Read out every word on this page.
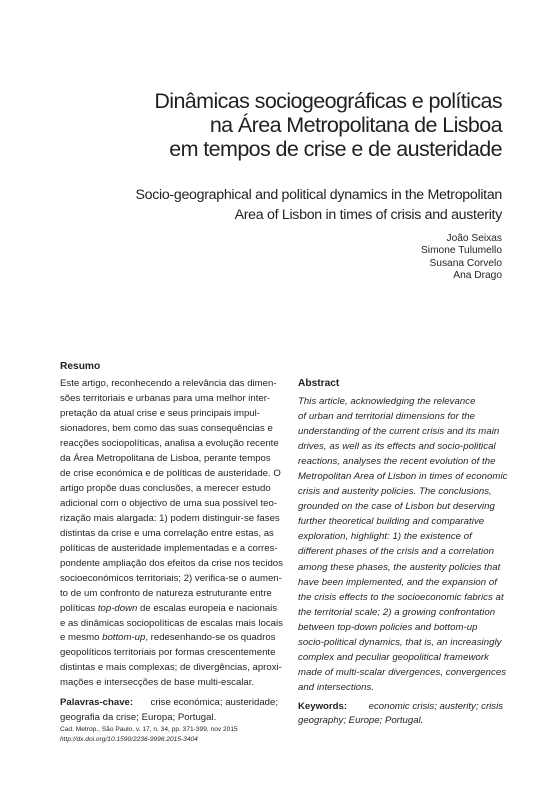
Dinâmicas sociogeográficas e políticas
na Área Metropolitana de Lisboa
em tempos de crise e de austeridade
Socio-geographical and political dynamics in the Metropolitan
Area of Lisbon in times of crisis and austerity
João Seixas
Simone Tulumello
Susana Corvelo
Ana Drago
Resumo
Este artigo, reconhecendo a relevância das dimen-
sões territoriais e urbanas para uma melhor inter-
pretação da atual crise e seus principais impul-
sionadores, bem como das suas consequências e
reacções sociopolíticas, analisa a evolução recente
da Área Metropolitana de Lisboa, perante tempos
de crise económica e de políticas de austeridade. O
artigo propõe duas conclusões, a merecer estudo
adicional com o objectivo de uma sua possível teo-
rização mais alargada: 1) podem distinguir-se fases
distintas da crise e uma correlação entre estas, as
políticas de austeridade implementadas e a corres-
pondente ampliação dos efeitos da crise nos tecidos
socioeconómicos territoriais; 2) verifica-se o aumen-
to de um confronto de natureza estruturante entre
políticas top-down de escalas europeia e nacionais
e as dinâmicas sociopolíticas de escalas mais locais
e mesmo bottom-up, redesenhando-se os quadros
geopolíticos territoriais por formas crescentemente
distintas e mais complexas; de divergências, aproxi-
mações e intersecções de base multi-escalar.
Palavras-chave: crise económica; austeridade;
geografia da crise; Europa; Portugal.
Abstract
This article, acknowledging the relevance
of urban and territorial dimensions for the
understanding of the current crisis and its main
drives, as well as its effects and socio-political
reactions, analyses the recent evolution of the
Metropolitan Area of Lisbon in times of economic
crisis and austerity policies. The conclusions,
grounded on the case of Lisbon but deserving
further theoretical building and comparative
exploration, highlight: 1) the existence of
different phases of the crisis and a correlation
among these phases, the austerity policies that
have been implemented, and the expansion of
the crisis effects to the socioeconomic fabrics at
the territorial scale; 2) a growing confrontation
between top-down policies and bottom-up
socio-political dynamics, that is, an increasingly
complex and peculiar geopolitical framework
made of multi-scalar divergences, convergences
and intersections.
Keywords: economic crisis; austerity; crisis
geography; Europe; Portugal.
Cad. Metrop., São Paulo, v. 17, n. 34, pp. 371-399, nov 2015
http://dx.doi.org/10.1590/2236-9996.2015-3404
